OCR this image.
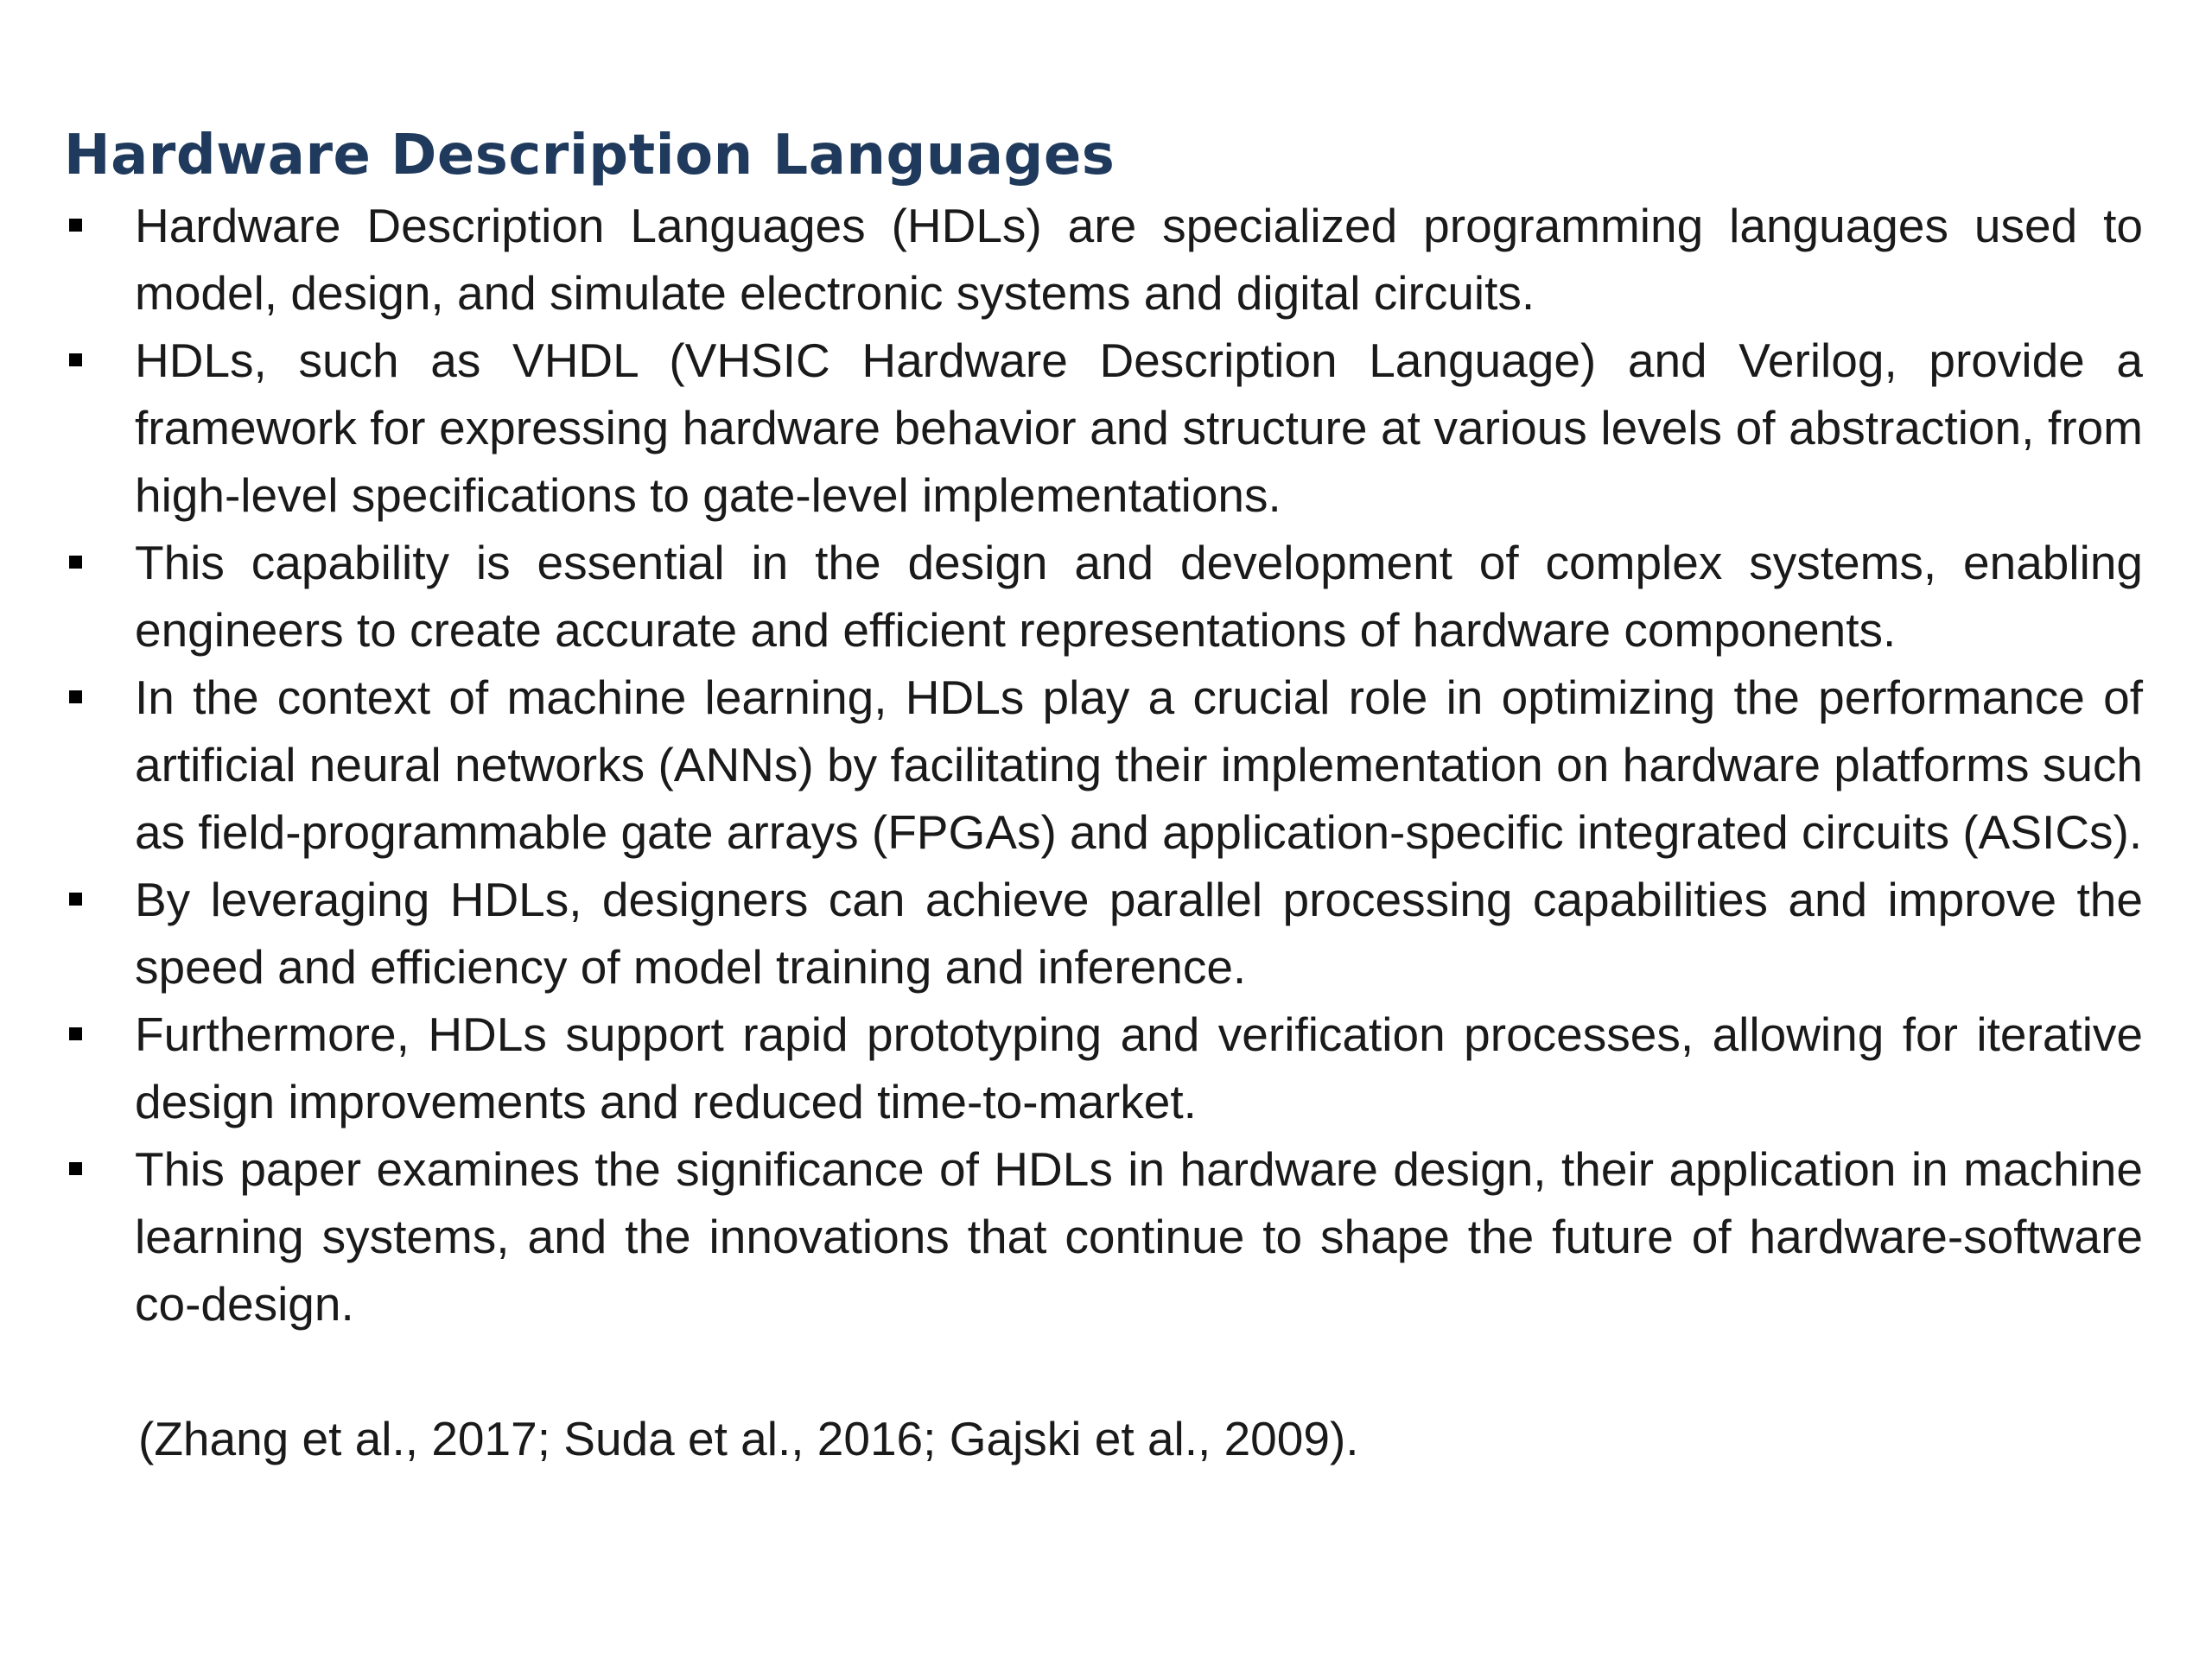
Hardware Description Languages
Hardware Description Languages (HDLs) are specialized programming languages used to model, design, and simulate electronic systems and digital circuits.
HDLs, such as VHDL (VHSIC Hardware Description Language) and Verilog, provide a framework for expressing hardware behavior and structure at various levels of abstraction, from high-level specifications to gate-level implementations.
This capability is essential in the design and development of complex systems, enabling engineers to create accurate and efficient representations of hardware components.
In the context of machine learning, HDLs play a crucial role in optimizing the performance of artificial neural networks (ANNs) by facilitating their implementation on hardware platforms such as field-programmable gate arrays (FPGAs) and application-specific integrated circuits (ASICs).
By leveraging HDLs, designers can achieve parallel processing capabilities and improve the speed and efficiency of model training and inference.
Furthermore, HDLs support rapid prototyping and verification processes, allowing for iterative design improvements and reduced time-to-market.
This paper examines the significance of HDLs in hardware design, their application in machine learning systems, and the innovations that continue to shape the future of hardware-software co-design.

(Zhang et al., 2017; Suda et al., 2016; Gajski et al., 2009).
